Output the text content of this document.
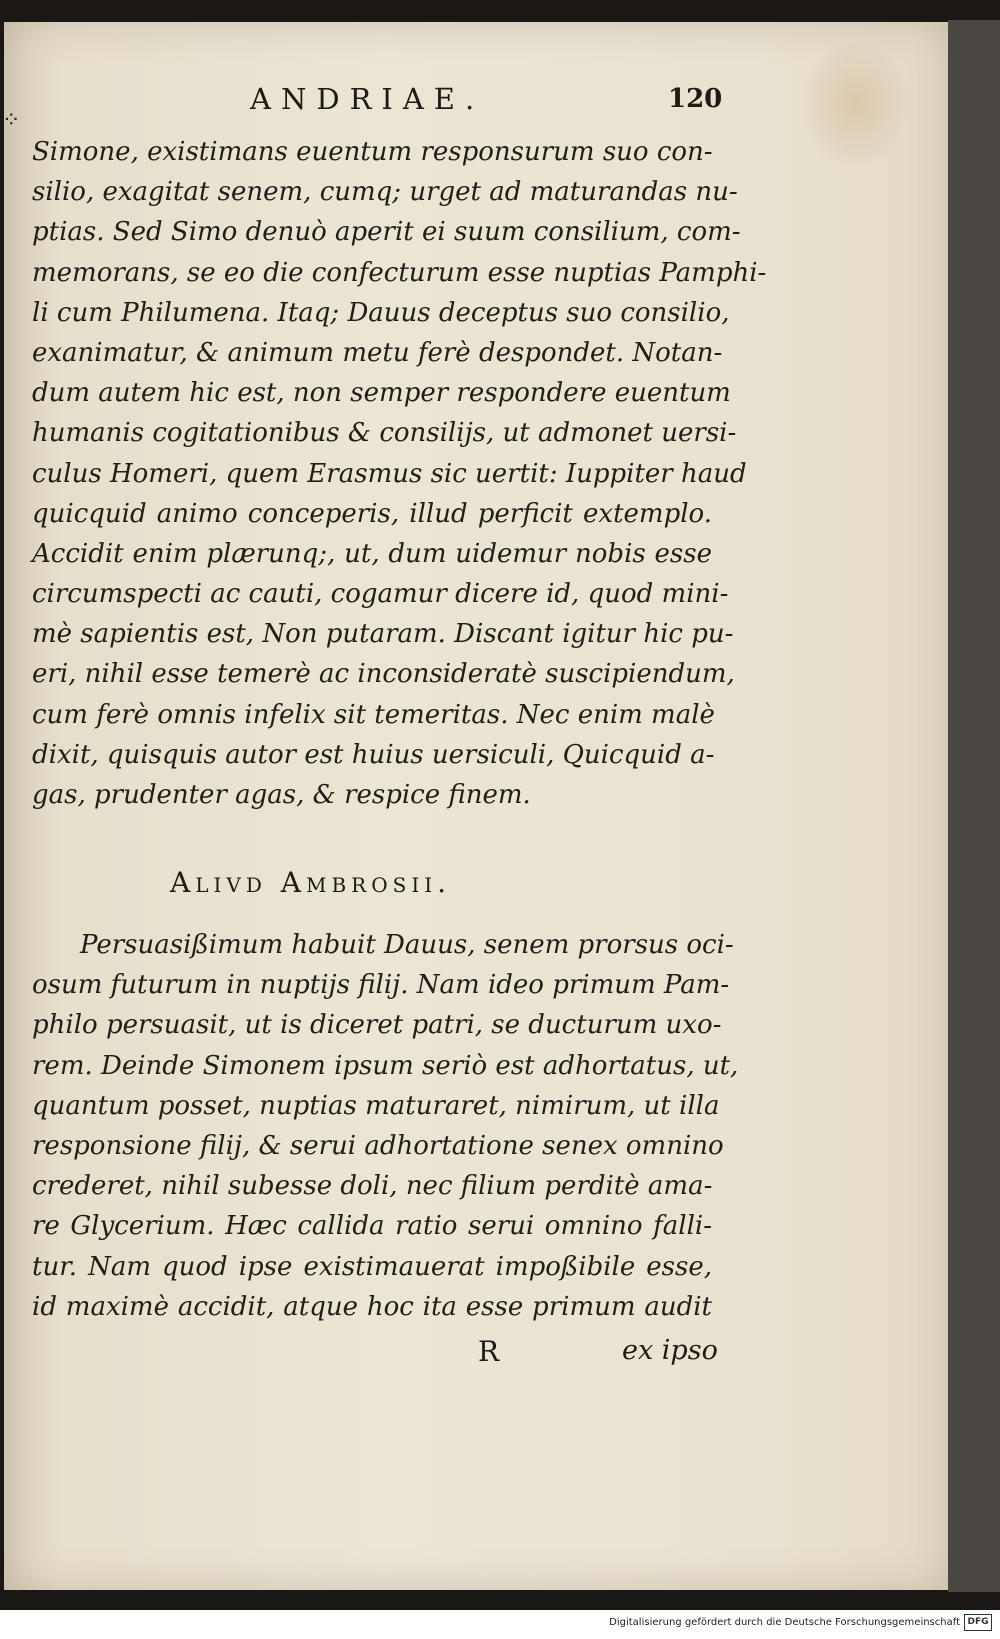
ANDRIAE.	120
⁘
Simone, existimans euentum responsurum suo con-
silio, exagitat senem, cumq; urget ad maturandas nu-
ptias. Sed Simo denuò aperit ei suum consilium, com-
memorans, se eo die confecturum esse nuptias Pamphi-
li cum Philumena. Itaq; Dauus deceptus suo consilio,
exanimatur, & animum metu ferè despondet. Notan-
dum autem hic est, non semper respondere euentum
humanis cogitationibus & consilijs, ut admonet uersi-
culus Homeri, quem Erasmus sic uertit: Iuppiter haud
quicquid animo conceperis, illud perficit extemplo.
Accidit enim plærunq;, ut, dum uidemur nobis esse
circumspecti ac cauti, cogamur dicere id, quod mini-
mè sapientis est, Non putaram. Discant igitur hic pu-
eri, nihil esse temerè ac inconsideratè suscipiendum,
cum ferè omnis infelix sit temeritas. Nec enim malè
dixit, quisquis autor est huius uersiculi, Quicquid a-
gas, prudenter agas, & respice finem.
Alivd Ambrosii.
Persuasißimum habuit Dauus, senem prorsus oci-
osum futurum in nuptijs filij. Nam ideo primum Pam-
philo persuasit, ut is diceret patri, se ducturum uxo-
rem. Deinde Simonem ipsum seriò est adhortatus, ut,
quantum posset, nuptias maturaret, nimirum, ut illa
responsione filij, & serui adhortatione senex omnino
crederet, nihil subesse doli, nec filium perditè ama-
re Glycerium. Hæc callida ratio serui omnino falli-
tur. Nam quod ipse existimauerat impoßibile esse,
id maximè accidit, atque hoc ita esse primum audit
R	ex ipso
Digitalisierung gefördert durch die Deutsche Forschungsgemeinschaft DFG
